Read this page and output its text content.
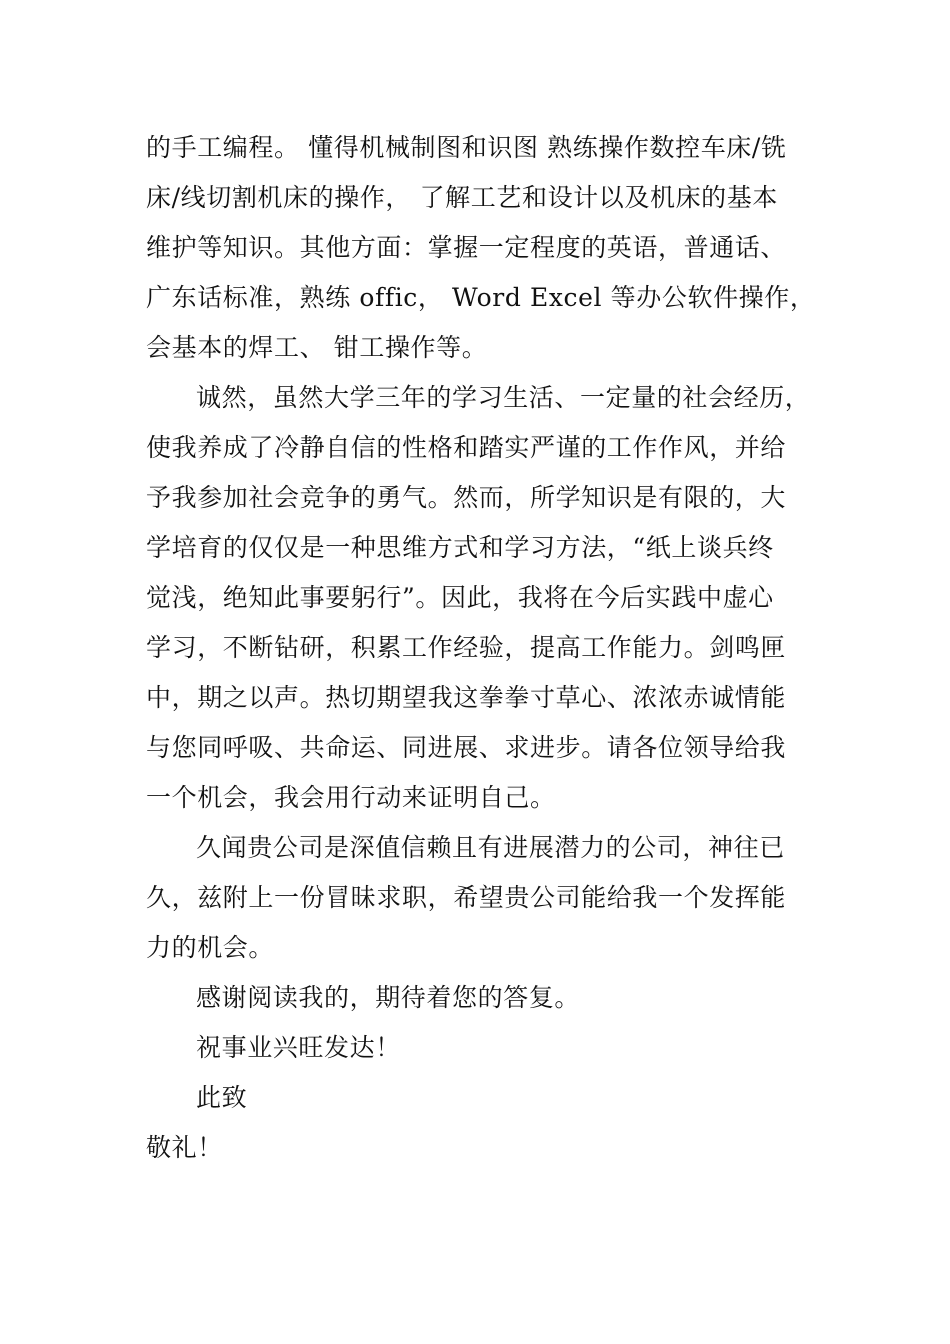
的手工编程。 懂得机械制图和识图 熟练操作数控车床/铣
床/线切割机床的操作， 了解工艺和设计以及机床的基本
维护等知识。其他方面：掌握一定程度的英语，普通话、
广东话标准，熟练 offic， Word Excel 等办公软件操作，
会基本的焊工、 钳工操作等。
诚然，虽然大学三年的学习生活、一定量的社会经历，
使我养成了冷静自信的性格和踏实严谨的工作作风，并给
予我参加社会竞争的勇气。然而，所学知识是有限的，大
学培育的仅仅是一种思维方式和学习方法，“纸上谈兵终
觉浅，绝知此事要躬行”。因此，我将在今后实践中虚心
学习，不断钻研，积累工作经验，提高工作能力。剑鸣匣
中，期之以声。热切期望我这拳拳寸草心、浓浓赤诚情能
与您同呼吸、共命运、同进展、求进步。请各位领导给我
一个机会，我会用行动来证明自己。
久闻贵公司是深值信赖且有进展潜力的公司，神往已
久，兹附上一份冒昧求职，希望贵公司能给我一个发挥能
力的机会。
感谢阅读我的，期待着您的答复。
祝事业兴旺发达！
此致
敬礼！
